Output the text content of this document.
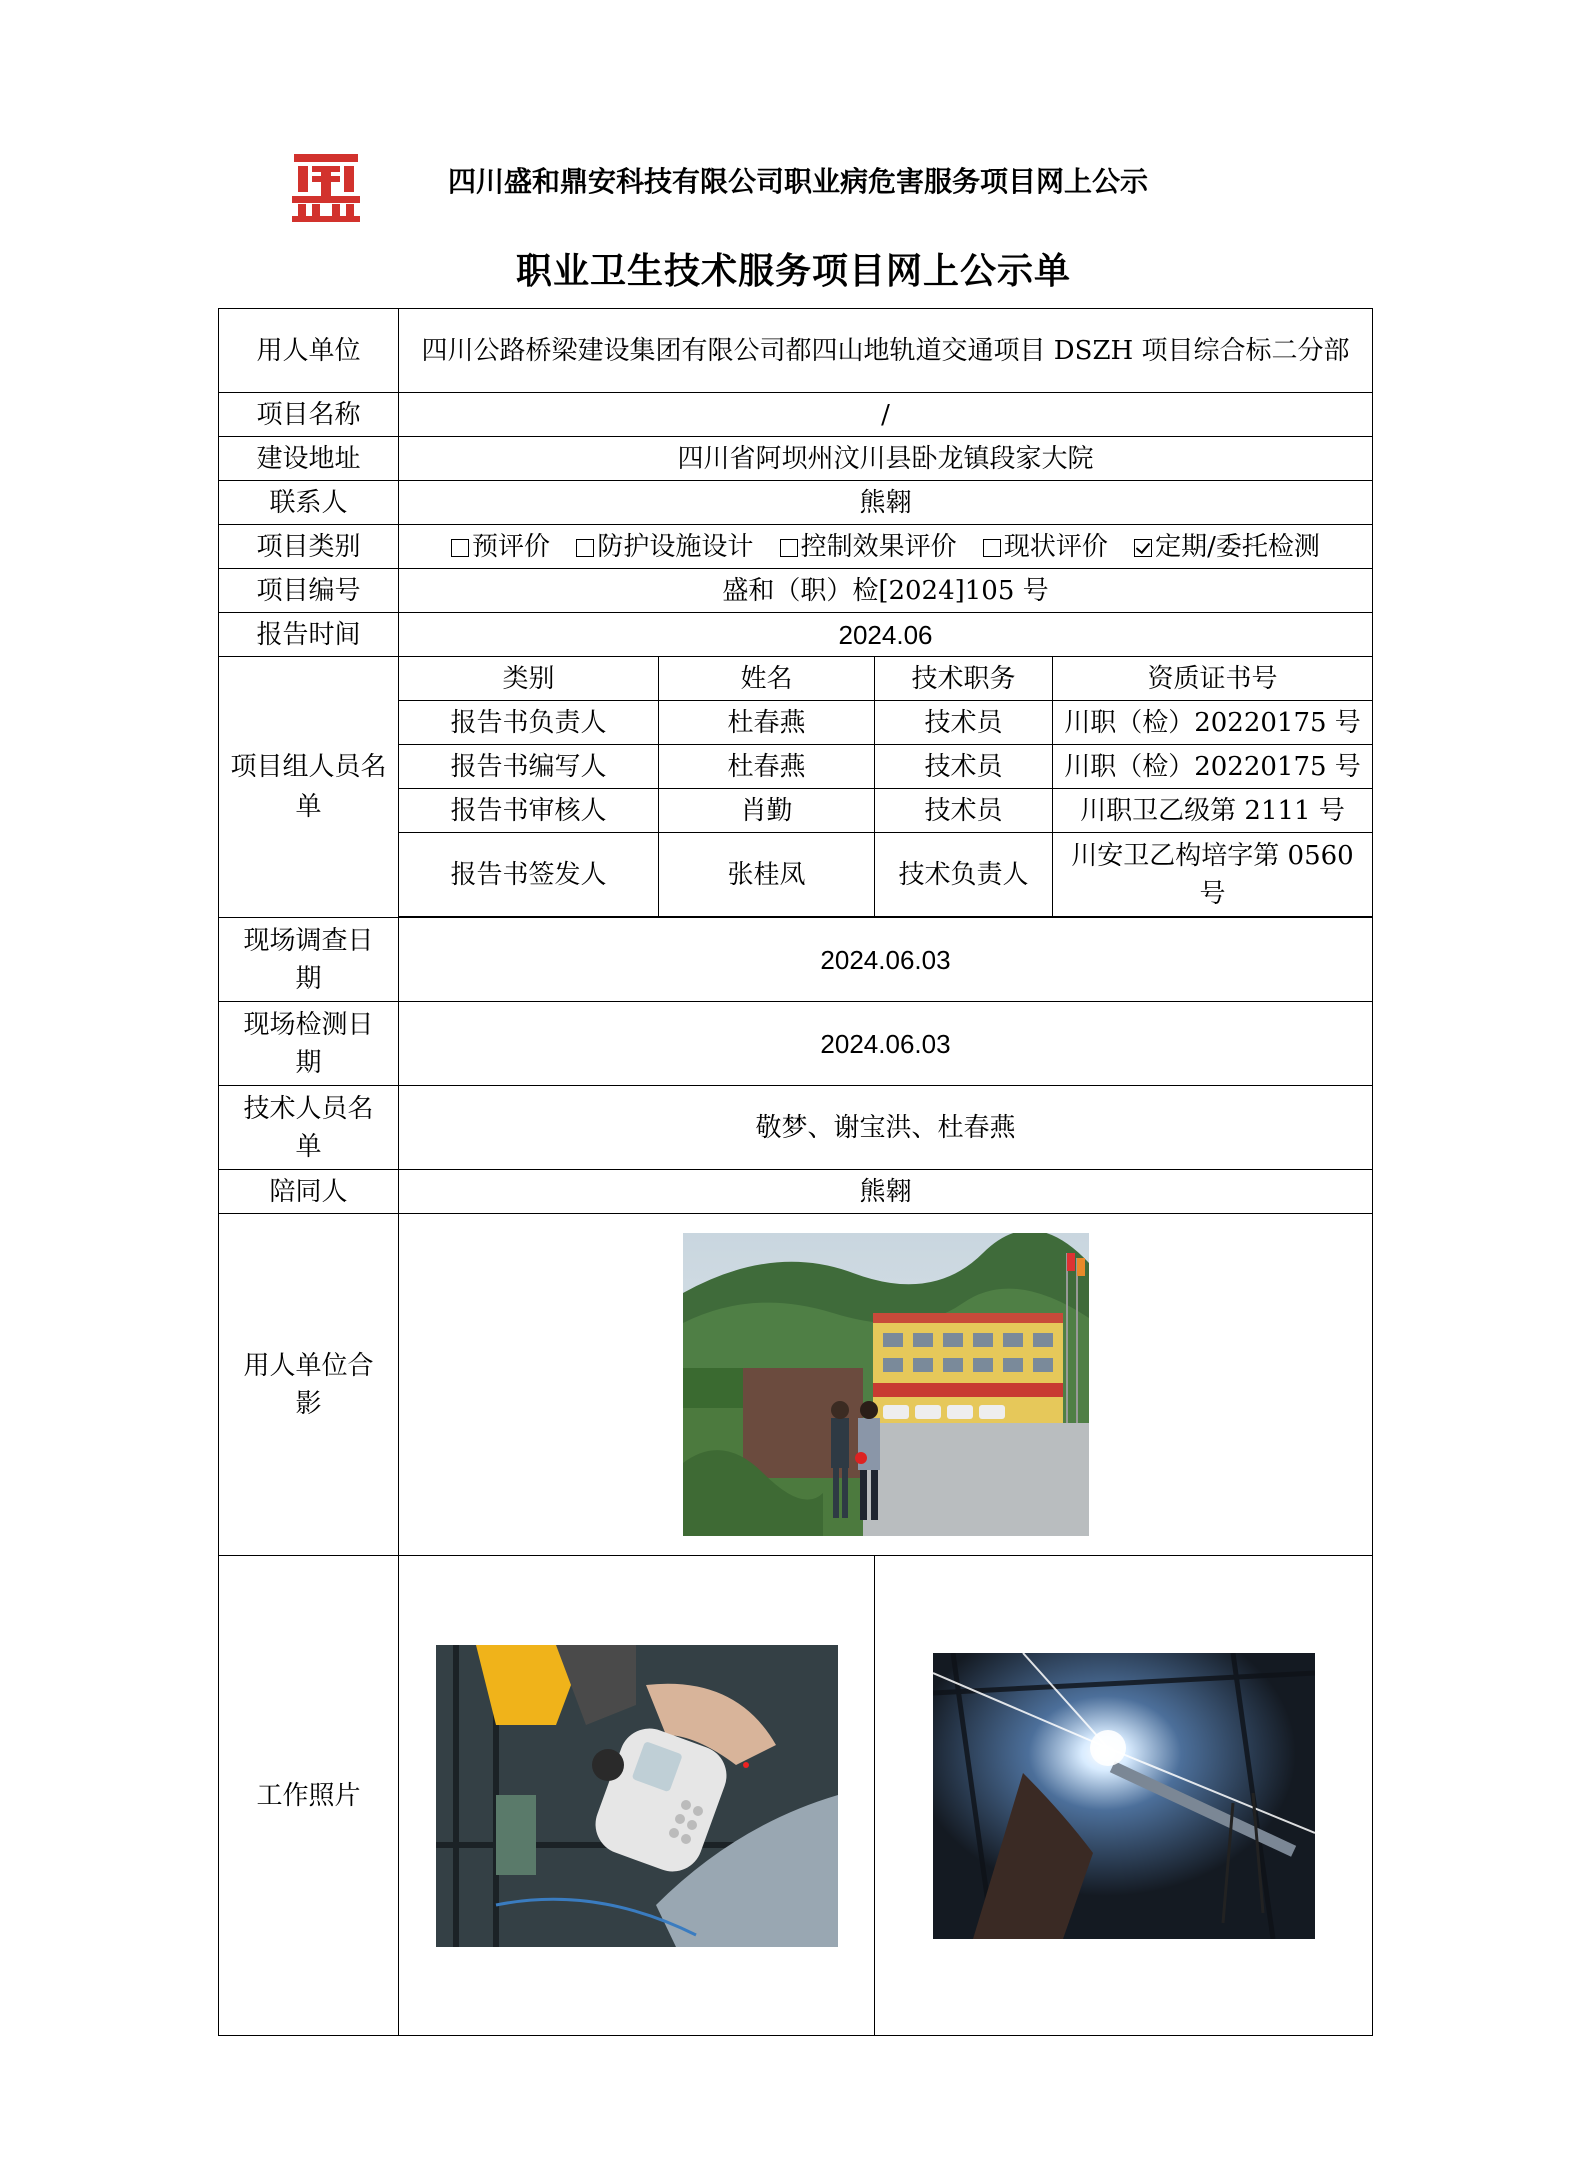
四川盛和鼎安科技有限公司职业病危害服务项目网上公示
职业卫生技术服务项目网上公示单
用人单位	四川公路桥梁建设集团有限公司都四山地轨道交通项目 DSZH 项目综合标二分部			
项目名称	/			
建设地址	四川省阿坝州汶川县卧龙镇段家大院			
联系人	熊翱			
项目类别	预评价 防护设施设计 控制效果评价 现状评价 定期/委托检测			
项目编号	盛和（职）检[2024]105 号			
报告时间	2024.06			
项目组人员名单	类别	姓名	技术职务	资质证书号
	报告书负责人	杜春燕	技术员	川职（检）20220175 号
	报告书编写人	杜春燕	技术员	川职（检）20220175 号
	报告书审核人	肖勤	技术员	川职卫乙级第 2111 号
	报告书签发人	张桂凤	技术负责人	川安卫乙构培字第 0560 号

现场调查日期	2024.06.03			
现场检测日期	2024.06.03			
技术人员名单	敬梦、谢宝洪、杜春燕			
陪同人	熊翱			
用人单位合影	

工作照片	
